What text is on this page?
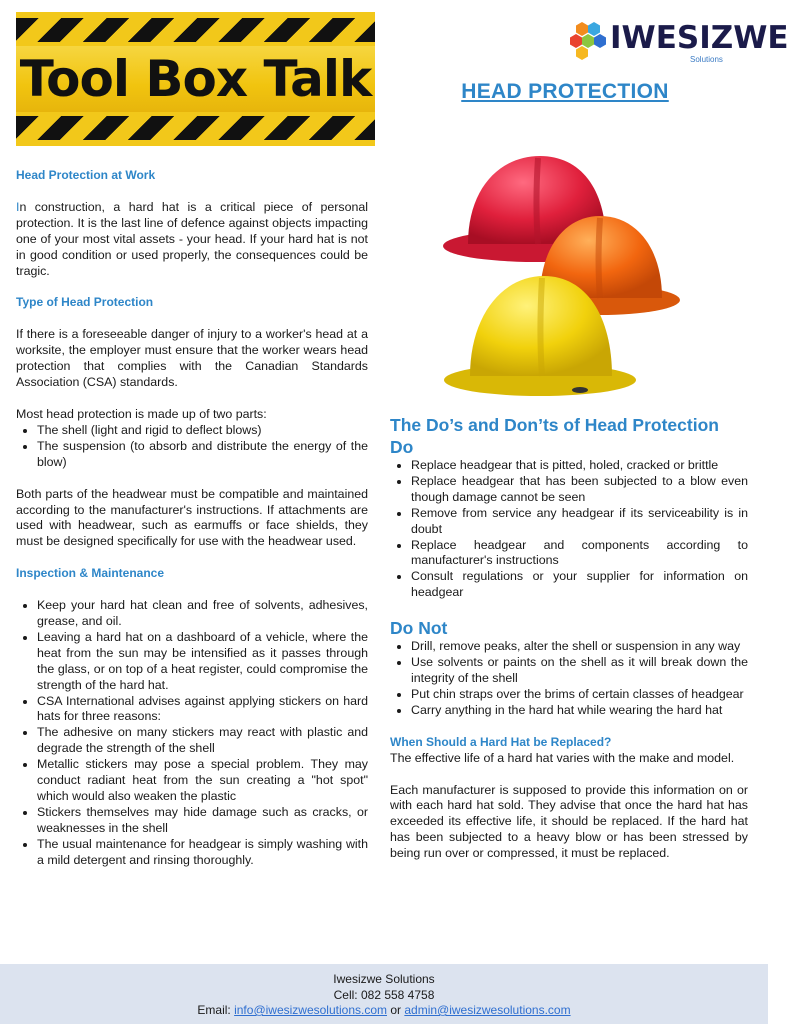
Tool Box Talk
IWESIZWE
Solutions
HEAD PROTECTION

Head Protection at Work

In construction, a hard hat is a critical piece of personal protection. It is the last line of defence against objects impacting one of your most vital assets - your head. If your hard hat is not in good condition or used properly, the consequences could be tragic.

Type of Head Protection

If there is a foreseeable danger of injury to a worker's head at a worksite, the employer must ensure that the worker wears head protection that complies with the Canadian Standards Association (CSA) standards.

Most head protection is made up of two parts:

• The shell (light and rigid to deflect blows)
• The suspension (to absorb and distribute the energy of the blow)

Both parts of the headwear must be compatible and maintained according to the manufacturer's instructions. If attachments are used with headwear, such as earmuffs or face shields, they must be designed specifically for use with the headwear used.

Inspection & Maintenance

• Keep your hard hat clean and free of solvents, adhesives, grease, and oil.
• Leaving a hard hat on a dashboard of a vehicle, where the heat from the sun may be intensified as it passes through the glass, or on top of a heat register, could compromise the strength of the hard hat.
• CSA International advises against applying stickers on hard hats for three reasons:
• The adhesive on many stickers may react with plastic and degrade the strength of the shell
• Metallic stickers may pose a special problem. They may conduct radiant heat from the sun creating a "hot spot" which would also weaken the plastic
• Stickers themselves may hide damage such as cracks, or weaknesses in the shell
• The usual maintenance for headgear is simply washing with a mild detergent and rinsing thoroughly.

The Do’s and Don’ts of Head Protection

Do

• Replace headgear that is pitted, holed, cracked or brittle
• Replace headgear that has been subjected to a blow even though damage cannot be seen
• Remove from service any headgear if its serviceability is in doubt
• Replace headgear and components according to manufacturer's instructions
• Consult regulations or your supplier for information on headgear

Do Not

• Drill, remove peaks, alter the shell or suspension in any way
• Use solvents or paints on the shell as it will break down the integrity of the shell
• Put chin straps over the brims of certain classes of headgear
• Carry anything in the hard hat while wearing the hard hat

When Should a Hard Hat be Replaced?

The effective life of a hard hat varies with the make and model.

Each manufacturer is supposed to provide this information on or with each hard hat sold. They advise that once the hard hat has exceeded its effective life, it should be replaced. If the hard hat has been subjected to a heavy blow or has been stressed by being run over or compressed, it must be replaced.

Iwesizwe Solutions
Cell: 082 558 4758
Email: info@iwesizwesolutions.com or admin@iwesizwesolutions.com
